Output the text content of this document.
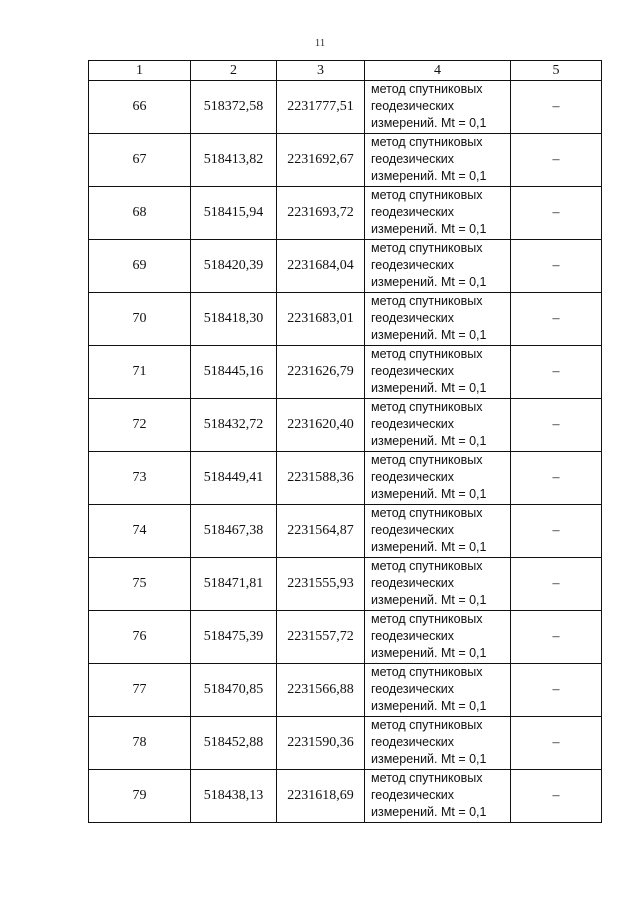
11
1	2	3	4	5
66	518372,58	2231777,51	метод спутниковых
геодезических
измерений. Mt = 0,1	–
67	518413,82	2231692,67	метод спутниковых
геодезических
измерений. Mt = 0,1	–
68	518415,94	2231693,72	метод спутниковых
геодезических
измерений. Mt = 0,1	–
69	518420,39	2231684,04	метод спутниковых
геодезических
измерений. Mt = 0,1	–
70	518418,30	2231683,01	метод спутниковых
геодезических
измерений. Mt = 0,1	–
71	518445,16	2231626,79	метод спутниковых
геодезических
измерений. Mt = 0,1	–
72	518432,72	2231620,40	метод спутниковых
геодезических
измерений. Mt = 0,1	–
73	518449,41	2231588,36	метод спутниковых
геодезических
измерений. Mt = 0,1	–
74	518467,38	2231564,87	метод спутниковых
геодезических
измерений. Mt = 0,1	–
75	518471,81	2231555,93	метод спутниковых
геодезических
измерений. Mt = 0,1	–
76	518475,39	2231557,72	метод спутниковых
геодезических
измерений. Mt = 0,1	–
77	518470,85	2231566,88	метод спутниковых
геодезических
измерений. Mt = 0,1	–
78	518452,88	2231590,36	метод спутниковых
геодезических
измерений. Mt = 0,1	–
79	518438,13	2231618,69	метод спутниковых
геодезических
измерений. Mt = 0,1	–
